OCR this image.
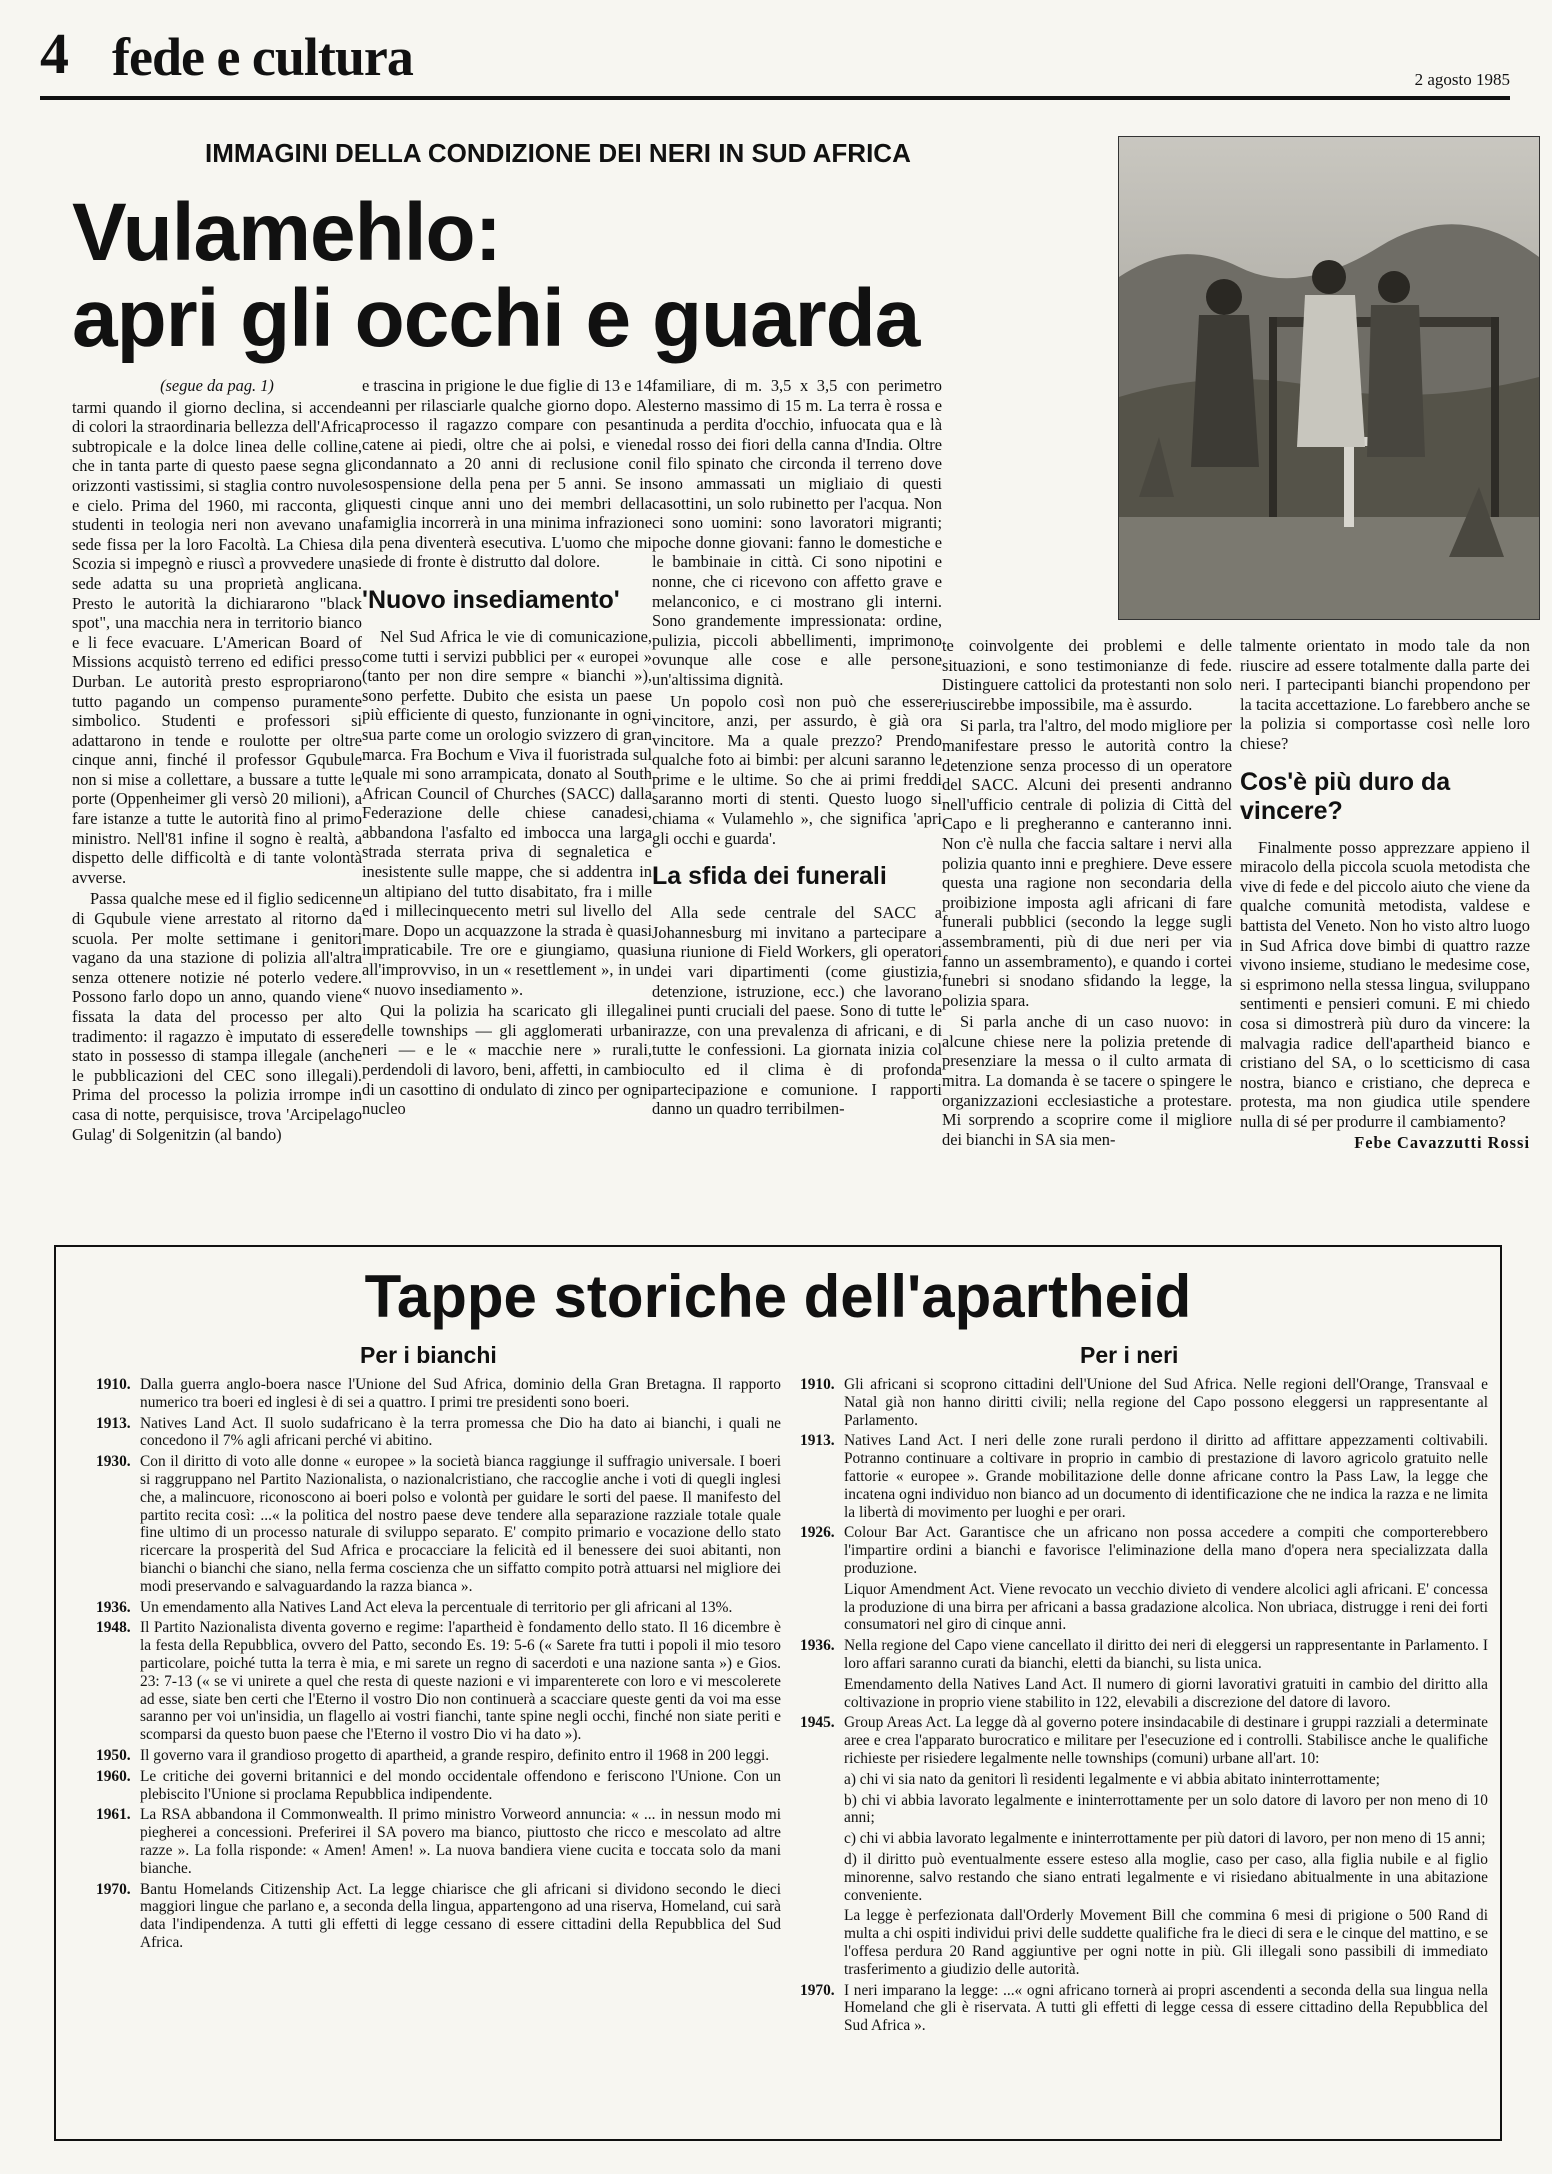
4 fede e cultura	2 agosto 1985
IMMAGINI DELLA CONDIZIONE DEI NERI IN SUD AFRICA
Vulamehlo:
apri gli occhi e guarda

(segue da pag. 1)

tarmi quando il giorno declina, si accende di colori la straordinaria bellezza dell'Africa subtropicale e la dolce linea delle colline, che in tanta parte di questo paese segna gli orizzonti vastissimi, si staglia contro nuvole e cielo. Prima del 1960, mi racconta, gli studenti in teologia neri non avevano una sede fissa per la loro Facoltà. La Chiesa di Scozia si impegnò e riuscì a provvedere una sede adatta su una proprietà anglicana. Presto le autorità la dichiararono "black spot", una macchia nera in territorio bianco e li fece evacuare. L'American Board of Missions acquistò terreno ed edifici presso Durban. Le autorità presto espropriarono tutto pagando un compenso puramente simbolico. Studenti e professori si adattarono in tende e roulotte per oltre cinque anni, finché il professor Gqubule non si mise a collettare, a bussare a tutte le porte (Oppenheimer gli versò 20 milioni), a fare istanze a tutte le autorità fino al primo ministro. Nell'81 infine il sogno è realtà, a dispetto delle difficoltà e di tante volontà avverse.

Passa qualche mese ed il figlio sedicenne di Gqubule viene arrestato al ritorno da scuola. Per molte settimane i genitori vagano da una stazione di polizia all'altra senza ottenere notizie né poterlo vedere. Possono farlo dopo un anno, quando viene fissata la data del processo per alto tradimento: il ragazzo è imputato di essere stato in possesso di stampa illegale (anche le pubblicazioni del CEC sono illegali). Prima del processo la polizia irrompe in casa di notte, perquisisce, trova 'Arcipelago Gulag' di Solgenitzin (al bando)

e trascina in prigione le due figlie di 13 e 14 anni per rilasciarle qualche giorno dopo. Al processo il ragazzo compare con pesanti catene ai piedi, oltre che ai polsi, e viene condannato a 20 anni di reclusione con sospensione della pena per 5 anni. Se in questi cinque anni uno dei membri della famiglia incorrerà in una minima infrazione la pena diventerà esecutiva. L'uomo che mi siede di fronte è distrutto dal dolore.

'Nuovo insediamento'

Nel Sud Africa le vie di comunicazione, come tutti i servizi pubblici per « europei » (tanto per non dire sempre « bianchi »), sono perfette. Dubito che esista un paese più efficiente di questo, funzionante in ogni sua parte come un orologio svizzero di gran marca. Fra Bochum e Viva il fuoristrada sul quale mi sono arrampicata, donato al South African Council of Churches (SACC) dalla Federazione delle chiese canadesi, abbandona l'asfalto ed imbocca una larga strada sterrata priva di segnaletica e inesistente sulle mappe, che si addentra in un altipiano del tutto disabitato, fra i mille ed i millecinquecento metri sul livello del mare. Dopo un acquazzone la strada è quasi impraticabile. Tre ore e giungiamo, quasi all'improvviso, in un « resettlement », in un « nuovo insediamento ».

Qui la polizia ha scaricato gli illegali delle townships — gli agglomerati urbani neri — e le « macchie nere » rurali, perdendoli di lavoro, beni, affetti, in cambio di un casottino di ondulato di zinco per ogni nucleo

familiare, di m. 3,5 x 3,5 con perimetro esterno massimo di 15 m. La terra è rossa e nuda a perdita d'occhio, infuocata qua e là dal rosso dei fiori della canna d'India. Oltre il filo spinato che circonda il terreno dove sono ammassati un migliaio di questi casottini, un solo rubinetto per l'acqua. Non ci sono uomini: sono lavoratori migranti; poche donne giovani: fanno le domestiche e le bambinaie in città. Ci sono nipotini e nonne, che ci ricevono con affetto grave e melanconico, e ci mostrano gli interni. Sono grandemente impressionata: ordine, pulizia, piccoli abbellimenti, imprimono ovunque alle cose e alle persone un'altissima dignità.

Un popolo così non può che essere vincitore, anzi, per assurdo, è già ora vincitore. Ma a quale prezzo? Prendo qualche foto ai bimbi: per alcuni saranno le prime e le ultime. So che ai primi freddi saranno morti di stenti. Questo luogo si chiama « Vulamehlo », che significa 'apri gli occhi e guarda'.

La sfida dei funerali

Alla sede centrale del SACC a Johannesburg mi invitano a partecipare a una riunione di Field Workers, gli operatori dei vari dipartimenti (come giustizia, detenzione, istruzione, ecc.) che lavorano nei punti cruciali del paese. Sono di tutte le razze, con una prevalenza di africani, e di tutte le confessioni. La giornata inizia col culto ed il clima è di profonda partecipazione e comunione. I rapporti danno un quadro terribilmen-

te coinvolgente dei problemi e delle situazioni, e sono testimonianze di fede. Distinguere cattolici da protestanti non solo riuscirebbe impossibile, ma è assurdo.

Si parla, tra l'altro, del modo migliore per manifestare presso le autorità contro la detenzione senza processo di un operatore del SACC. Alcuni dei presenti andranno nell'ufficio centrale di polizia di Città del Capo e li pregheranno e canteranno inni. Non c'è nulla che faccia saltare i nervi alla polizia quanto inni e preghiere. Deve essere questa una ragione non secondaria della proibizione imposta agli africani di fare funerali pubblici (secondo la legge sugli assembramenti, più di due neri per via fanno un assembramento), e quando i cortei funebri si snodano sfidando la legge, la polizia spara.

Si parla anche di un caso nuovo: in alcune chiese nere la polizia pretende di presenziare la messa o il culto armata di mitra. La domanda è se tacere o spingere le organizzazioni ecclesiastiche a protestare. Mi sorprendo a scoprire come il migliore dei bianchi in SA sia men-

talmente orientato in modo tale da non riuscire ad essere totalmente dalla parte dei neri. I partecipanti bianchi propendono per la tacita accettazione. Lo farebbero anche se la polizia si comportasse così nelle loro chiese?

Cos'è più duro da vincere?

Finalmente posso apprezzare appieno il miracolo della piccola scuola metodista che vive di fede e del piccolo aiuto che viene da qualche comunità metodista, valdese e battista del Veneto. Non ho visto altro luogo in Sud Africa dove bimbi di quattro razze vivono insieme, studiano le medesime cose, si esprimono nella stessa lingua, sviluppano sentimenti e pensieri comuni. E mi chiedo cosa si dimostrerà più duro da vincere: la malvagia radice dell'apartheid bianco e cristiano del SA, o lo scetticismo di casa nostra, bianco e cristiano, che depreca e protesta, ma non giudica utile spendere nulla di sé per produrre il cambiamento?

Febe Cavazzutti Rossi

Tappe storiche dell'apartheid
Per i bianchi	Per i neri
1910. Dalla guerra anglo-boera nasce l'Unione del Sud Africa, dominio della Gran Bretagna. Il rapporto numerico tra boeri ed inglesi è di sei a quattro. I primi tre presidenti sono boeri.
1913. Natives Land Act. Il suolo sudafricano è la terra promessa che Dio ha dato ai bianchi, i quali ne concedono il 7% agli africani perché vi abitino.
1930. Con il diritto di voto alle donne « europee » la società bianca raggiunge il suffragio universale. I boeri si raggruppano nel Partito Nazionalista, o nazionalcristiano, che raccoglie anche i voti di quegli inglesi che, a malincuore, riconoscono ai boeri polso e volontà per guidare le sorti del paese. Il manifesto del partito recita così: ...« la politica del nostro paese deve tendere alla separazione razziale totale quale fine ultimo di un processo naturale di sviluppo separato. E' compito primario e vocazione dello stato ricercare la prosperità del Sud Africa e procacciare la felicità ed il benessere dei suoi abitanti, non bianchi o bianchi che siano, nella ferma coscienza che un siffatto compito potrà attuarsi nel migliore dei modi preservando e salvaguardando la razza bianca ».
1936. Un emendamento alla Natives Land Act eleva la percentuale di territorio per gli africani al 13%.
1948. Il Partito Nazionalista diventa governo e regime: l'apartheid è fondamento dello stato. Il 16 dicembre è la festa della Repubblica, ovvero del Patto, secondo Es. 19: 5-6 (« Sarete fra tutti i popoli il mio tesoro particolare, poiché tutta la terra è mia, e mi sarete un regno di sacerdoti e una nazione santa ») e Gios. 23: 7-13 (« se vi unirete a quel che resta di queste nazioni e vi imparenterete con loro e vi mescolerete ad esse, siate ben certi che l'Eterno il vostro Dio non continuerà a scacciare queste genti da voi ma esse saranno per voi un'insidia, un flagello ai vostri fianchi, tante spine negli occhi, finché non siate periti e scomparsi da questo buon paese che l'Eterno il vostro Dio vi ha dato »).
1950. Il governo vara il grandioso progetto di apartheid, a grande respiro, definito entro il 1968 in 200 leggi.
1960. Le critiche dei governi britannici e del mondo occidentale offendono e feriscono l'Unione. Con un plebiscito l'Unione si proclama Repubblica indipendente.
1961. La RSA abbandona il Commonwealth. Il primo ministro Vorweord annuncia: « ... in nessun modo mi piegherei a concessioni. Preferirei il SA povero ma bianco, piuttosto che ricco e mescolato ad altre razze ». La folla risponde: « Amen! Amen! ». La nuova bandiera viene cucita e toccata solo da mani bianche.
1970. Bantu Homelands Citizenship Act. La legge chiarisce che gli africani si dividono secondo le dieci maggiori lingue che parlano e, a seconda della lingua, appartengono ad una riserva, Homeland, cui sarà data l'indipendenza. A tutti gli effetti di legge cessano di essere cittadini della Repubblica del Sud Africa.
1910. Gli africani si scoprono cittadini dell'Unione del Sud Africa. Nelle regioni dell'Orange, Transvaal e Natal già non hanno diritti civili; nella regione del Capo possono eleggersi un rappresentante al Parlamento.
1913. Natives Land Act. I neri delle zone rurali perdono il diritto ad affittare appezzamenti coltivabili. Potranno continuare a coltivare in proprio in cambio di prestazione di lavoro agricolo gratuito nelle fattorie « europee ». Grande mobilitazione delle donne africane contro la Pass Law, la legge che incatena ogni individuo non bianco ad un documento di identificazione che ne indica la razza e ne limita la libertà di movimento per luoghi e per orari.
1926. Colour Bar Act. Garantisce che un africano non possa accedere a compiti che comporterebbero l'impartire ordini a bianchi e favorisce l'eliminazione della mano d'opera nera specializzata dalla produzione.
Liquor Amendment Act. Viene revocato un vecchio divieto di vendere alcolici agli africani. E' concessa la produzione di una birra per africani a bassa gradazione alcolica. Non ubriaca, distrugge i reni dei forti consumatori nel giro di cinque anni.
1936. Nella regione del Capo viene cancellato il diritto dei neri di eleggersi un rappresentante in Parlamento. I loro affari saranno curati da bianchi, eletti da bianchi, su lista unica.
Emendamento della Natives Land Act. Il numero di giorni lavorativi gratuiti in cambio del diritto alla coltivazione in proprio viene stabilito in 122, elevabili a discrezione del datore di lavoro.
1945. Group Areas Act. La legge dà al governo potere insindacabile di destinare i gruppi razziali a determinate aree e crea l'apparato burocratico e militare per l'esecuzione ed i controlli. Stabilisce anche le qualifiche richieste per risiedere legalmente nelle townships (comuni) urbane all'art. 10:
a) chi vi sia nato da genitori lì residenti legalmente e vi abbia abitato ininterrottamente;
b) chi vi abbia lavorato legalmente e ininterrottamente per un solo datore di lavoro per non meno di 10 anni;
c) chi vi abbia lavorato legalmente e ininterrottamente per più datori di lavoro, per non meno di 15 anni;
d) il diritto può eventualmente essere esteso alla moglie, caso per caso, alla figlia nubile e al figlio minorenne, salvo restando che siano entrati legalmente e vi risiedano abitualmente in una abitazione conveniente.
La legge è perfezionata dall'Orderly Movement Bill che commina 6 mesi di prigione o 500 Rand di multa a chi ospiti individui privi delle suddette qualifiche fra le dieci di sera e le cinque del mattino, e se l'offesa perdura 20 Rand aggiuntive per ogni notte in più. Gli illegali sono passibili di immediato trasferimento a giudizio delle autorità.
1970. I neri imparano la legge: ...« ogni africano tornerà ai propri ascendenti a seconda della sua lingua nella Homeland che gli è riservata. A tutti gli effetti di legge cessa di essere cittadino della Repubblica del Sud Africa ».
